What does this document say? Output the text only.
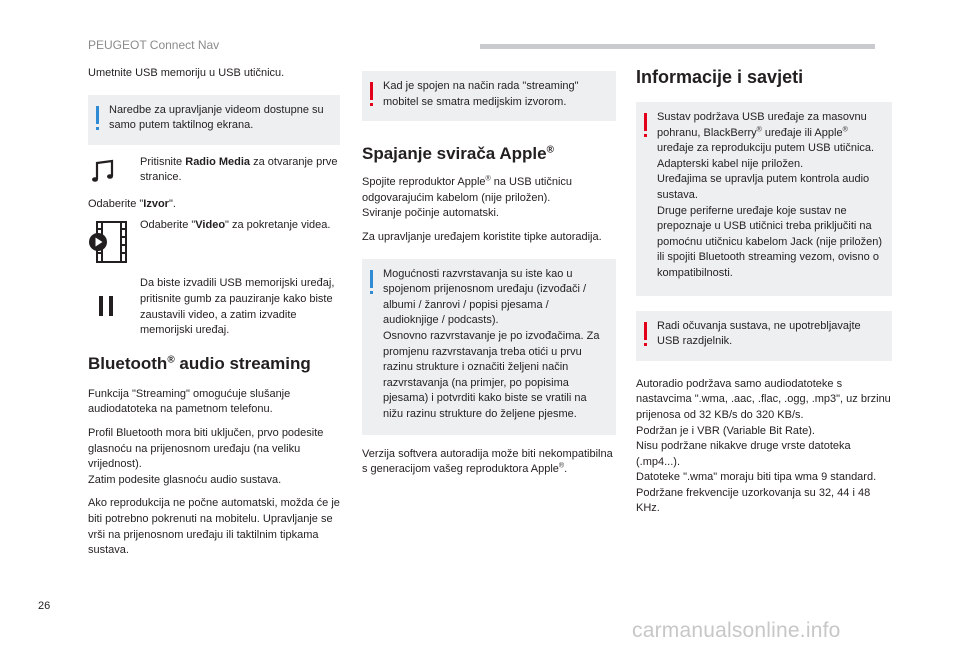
PEUGEOT Connect Nav

Umetnite USB memoriju u USB utičnicu.

Naredbe za upravljanje videom dostupne su samo putem taktilnog ekrana.

Pritisnite Radio Media za otvaranje prve stranice.

Odaberite "Izvor".

Odaberite "Video" za pokretanje videa.

Da biste izvadili USB memorijski uređaj, pritisnite gumb za pauziranje kako biste zaustavili video, a zatim izvadite memorijski uređaj.

Bluetooth® audio streaming

Funkcija "Streaming" omogućuje slušanje audiodatoteka na pametnom telefonu.

Profil Bluetooth mora biti uključen, prvo podesite glasnoću na prijenosnom uređaju (na veliku vrijednost).

Zatim podesite glasnoću audio sustava.

Ako reprodukcija ne počne automatski, možda će je biti potrebno pokrenuti na mobitelu. Upravljanje se vrši na prijenosnom uređaju ili taktilnim tipkama sustava.

Kad je spojen na način rada "streaming" mobitel se smatra medijskim izvorom.
Spajanje svirača Apple®

Spojite reproduktor Apple® na USB utičnicu odgovarajućim kabelom (nije priložen).

Sviranje počinje automatski.

Za upravljanje uređajem koristite tipke autoradija.

Mogućnosti razvrstavanja su iste kao u spojenom prijenosnom uređaju (izvođači / albumi / žanrovi / popisi pjesama / audioknjige / podcasts).
Osnovno razvrstavanje je po izvođačima. Za promjenu razvrstavanja treba otići u prvu razinu strukture i označiti željeni način razvrstavanja (na primjer, po popisima pjesama) i potvrditi kako biste se vratili na nižu razinu strukture do željene pjesme.

Verzija softvera autoradija može biti nekompatibilna s generacijom vašeg reproduktora Apple®.

Informacije i savjeti
Sustav podržava USB uređaje za masovnu pohranu, BlackBerry® uređaje ili Apple® uređaje za reprodukciju putem USB utičnica. Adapterski kabel nije priložen.
Uređajima se upravlja putem kontrola audio sustava.
Druge periferne uređaje koje sustav ne prepoznaje u USB utičnici treba priključiti na pomoćnu utičnicu kabelom Jack (nije priložen) ili spojiti Bluetooth streaming vezom, ovisno o kompatibilnosti.
Radi očuvanja sustava, ne upotrebljavajte USB razdjelnik.

Autoradio podržava samo audiodatoteke s nastavcima ".wma, .aac, .flac, .ogg, .mp3", uz brzinu prijenosa od 32 KB/s do 320 KB/s.

Podržan je i VBR (Variable Bit Rate).

Nisu podržane nikakve druge vrste datoteka (.mp4...).

Datoteke ".wma" moraju biti tipa wma 9 standard.

Podržane frekvencije uzorkovanja su 32, 44 i 48 KHz.

26
carmanualsonline.info
